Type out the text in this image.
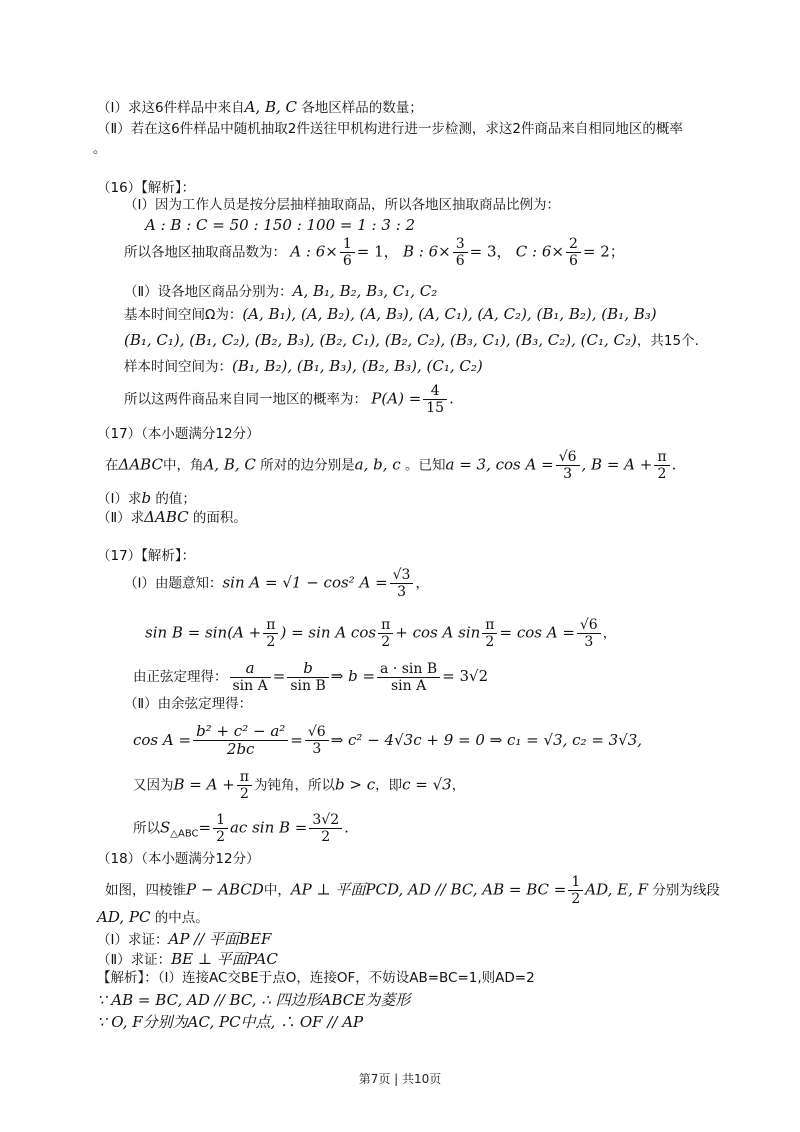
（Ⅰ）求这6件样品中来自A, B, C 各地区样品的数量；
（Ⅱ）若在这6件样品中随机抽取2件送往甲机构进行进一步检测，求这2件商品来自相同地区的概率
。
（16）【解析】：
（Ⅰ）因为工作人员是按分层抽样抽取商品，所以各地区抽取商品比例为：
A : B : C = 50 : 150 : 100 = 1 : 3 : 2
所以各地区抽取商品数为： A : $6\times \frac{1}{6} = 1$， B : $6\times \frac{3}{6} = 3$， C : $6\times \frac{2}{6} = 2$；
（Ⅱ）设各地区商品分别为：A, B₁, B₂, B₃, C₁, C₂
基本时间空间Ω为：(A, B₁), (A, B₂), (A, B₃), (A, C₁), (A, C₂), (B₁, B₂), (B₁, B₃)
(B₁, C₁), (B₁, C₂), (B₂, B₃), (B₂, C₁), (B₂, C₂), (B₃, C₁), (B₃, C₂), (C₁, C₂)，共15个.
样本时间空间为：(B₁, B₂), (B₁, B₃), (B₂, B₃), (C₁, C₂)
所以这两件商品来自同一地区的概率为： $P(A) = \frac{4}{15}$ .
（17）（本小题满分12分）
在ΔABC中，角A, B, C 所对的边分别是a, b, c 。已知a = 3, $\cos A = \frac{√6}{3}$ , $B = A + \frac{\pi}{2}$ .
（Ⅰ）求b 的值；
（Ⅱ）求ΔABC 的面积。
（17）【解析】：
（Ⅰ）由题意知：sin A = √1 − cos² $A = \frac{√3}{3}$ ，
$\sin B = \sin(A + \frac{\pi}{2}$ ) = sin A $\cos \frac{\pi}{2} + \cos A$ $\sin \frac{\pi}{2} = \cos A = \frac{√6}{3}$ ，
由正弦定理得： $\frac{a}{\text{sin A}} = \frac{b}{\text{sin B}}$ ⇒ $b = \frac{\text{a · sin B}}{\text{sin A}} = 3√2$
（Ⅱ）由余弦定理得：
$\cos A = \frac{\text{b² + c² − a²}}{2bc} = \frac{√6}{3}$ ⇒ c² − 4√3c + 9 = 0 ⇒ c₁ = √3, c₂ = 3√3,
又因为$B = A + \frac{\pi}{2}$ 为钝角，所以b > c，即c = √3，
所以$S_{\triangle ABC}= \frac{1}{2}$ ac $\sin B = \frac{3√2}{2}$ .
（18）（本小题满分12分）
如图，四棱锥P − ABCD中，AP ⊥ 平面PCD, AD // BC, AB = BC = $\frac{1}{2}$ AD, E, F 分别为线段
AD, PC 的中点。
（Ⅰ）求证：AP // 平面BEF
（Ⅱ）求证：BE ⊥ 平面PAC
【解析】：（Ⅰ）连接AC交BE于点O，连接OF，不妨设AB=BC=1,则AD=2
∵ AB = BC, AD // BC, ∴ 四边形ABCE为菱形
∵ O, F分别为AC, PC中点, ∴ OF // AP
第7页 | 共10页
